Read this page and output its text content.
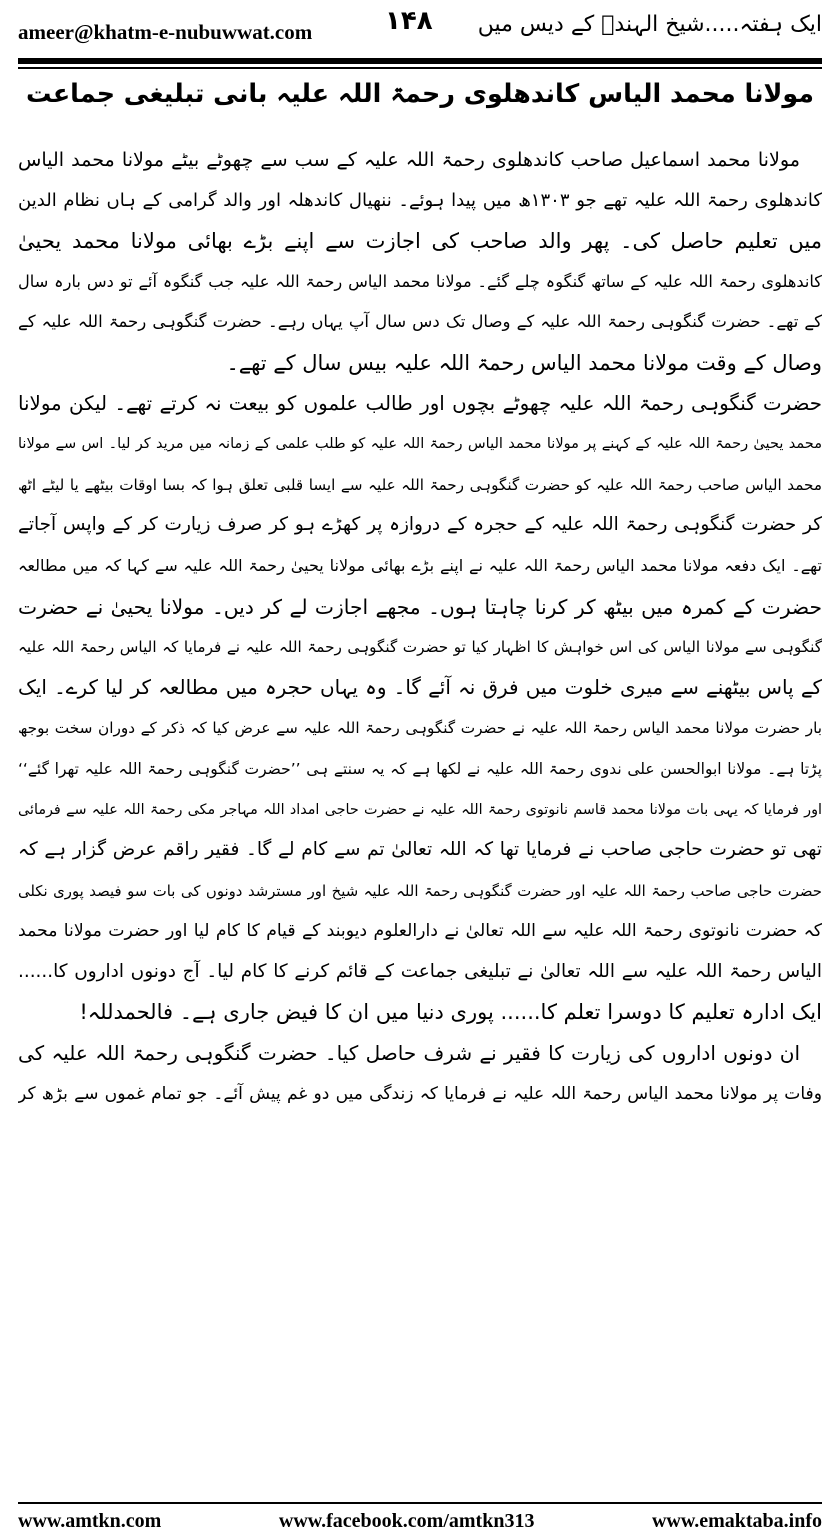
ameer@khatm-e-nubuwwat.com	۱۴۸ ایک ہفتہ.....شیخ الہندؒ کے دیس میں
مولانا محمد الیاس کاندھلوی رحمۃ اللہ علیہ بانی تبلیغی جماعت
مولانا محمد اسماعیل صاحب کاندھلوی رحمۃ اللہ علیہ کے سب سے چھوٹے بیٹے مولانا محمد الیاس
کاندھلوی رحمۃ اللہ علیہ تھے جو ۱۳۰۳ھ میں پیدا ہوئے۔ ننھیال کاندھلہ اور والد گرامی کے ہاں نظام الدین
میں تعلیم حاصل کی۔ پھر والد صاحب کی اجازت سے اپنے بڑے بھائی مولانا محمد یحییٰ
کاندھلوی رحمۃ اللہ علیہ کے ساتھ گنگوہ چلے گئے۔ مولانا محمد الیاس رحمۃ اللہ علیہ جب گنگوہ آئے تو دس بارہ سال
کے تھے۔ حضرت گنگوہی رحمۃ اللہ علیہ کے وصال تک دس سال آپ یہاں رہے۔ حضرت گنگوہی رحمۃ اللہ علیہ کے
وصال کے وقت مولانا محمد الیاس رحمۃ اللہ علیہ بیس سال کے تھے۔
حضرت گنگوہی رحمۃ اللہ علیہ چھوٹے بچوں اور طالب علموں کو بیعت نہ کرتے تھے۔ لیکن مولانا
محمد یحییٰ رحمۃ اللہ علیہ کے کہنے پر مولانا محمد الیاس رحمۃ اللہ علیہ کو طلب علمی کے زمانہ میں مرید کر لیا۔ اس سے مولانا
محمد الیاس صاحب رحمۃ اللہ علیہ کو حضرت گنگوہی رحمۃ اللہ علیہ سے ایسا قلبی تعلق ہوا کہ بسا اوقات بیٹھے یا لیٹے اٹھ
کر حضرت گنگوہی رحمۃ اللہ علیہ کے حجرہ کے دروازہ پر کھڑے ہو کر صرف زیارت کر کے واپس آجاتے
تھے۔ ایک دفعہ مولانا محمد الیاس رحمۃ اللہ علیہ نے اپنے بڑے بھائی مولانا یحییٰ رحمۃ اللہ علیہ سے کہا کہ میں مطالعہ
حضرت کے کمرہ میں بیٹھ کر کرنا چاہتا ہوں۔ مجھے اجازت لے کر دیں۔ مولانا یحییٰ نے حضرت
گنگوہی سے مولانا الیاس کی اس خواہش کا اظہار کیا تو حضرت گنگوہی رحمۃ اللہ علیہ نے فرمایا کہ الیاس رحمۃ اللہ علیہ
کے پاس بیٹھنے سے میری خلوت میں فرق نہ آئے گا۔ وہ یہاں حجرہ میں مطالعہ کر لیا کرے۔ ایک
بار حضرت مولانا محمد الیاس رحمۃ اللہ علیہ نے حضرت گنگوہی رحمۃ اللہ علیہ سے عرض کیا کہ ذکر کے دوران سخت بوجھ
پڑتا ہے۔ مولانا ابوالحسن علی ندوی رحمۃ اللہ علیہ نے لکھا ہے کہ یہ سنتے ہی ’’حضرت گنگوہی رحمۃ اللہ علیہ تھرا گئے‘‘
اور فرمایا کہ یہی بات مولانا محمد قاسم نانوتوی رحمۃ اللہ علیہ نے حضرت حاجی امداد اللہ مہاجر مکی رحمۃ اللہ علیہ سے فرمائی
تھی تو حضرت حاجی صاحب نے فرمایا تھا کہ اللہ تعالیٰ تم سے کام لے گا۔ فقیر راقم عرض گزار ہے کہ
حضرت حاجی صاحب رحمۃ اللہ علیہ اور حضرت گنگوہی رحمۃ اللہ علیہ شیخ اور مسترشد دونوں کی بات سو فیصد پوری نکلی
کہ حضرت نانوتوی رحمۃ اللہ علیہ سے اللہ تعالیٰ نے دارالعلوم دیوبند کے قیام کا کام لیا اور حضرت مولانا محمد
الیاس رحمۃ اللہ علیہ سے اللہ تعالیٰ نے تبلیغی جماعت کے قائم کرنے کا کام لیا۔ آج دونوں اداروں کا......
ایک ادارہ تعلیم کا دوسرا تعلم کا...... پوری دنیا میں ان کا فیض جاری ہے۔ فالحمدللہ!
ان دونوں اداروں کی زیارت کا فقیر نے شرف حاصل کیا۔ حضرت گنگوہی رحمۃ اللہ علیہ کی
وفات پر مولانا محمد الیاس رحمۃ اللہ علیہ نے فرمایا کہ زندگی میں دو غم پیش آئے۔ جو تمام غموں سے بڑھ کر
www.amtkn.com	www.facebook.com/amtkn313	www.emaktaba.info
